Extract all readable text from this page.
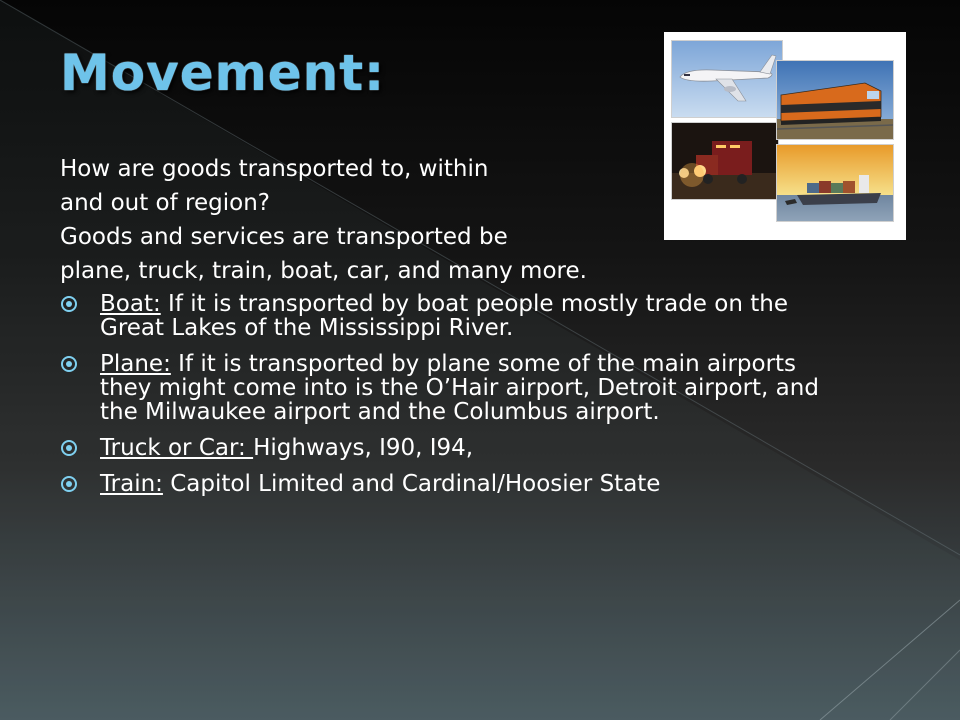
Movement:

How are goods transported to, within

and out of region?

Goods and services are transported be

plane, truck, train, boat, car, and many more.

Boat: If it is transported by boat people mostly trade on the Great Lakes of the Mississippi River.
Plane: If it is transported by plane some of the main airports they might come into is the O’Hair airport, Detroit airport, and the Milwaukee airport and the Columbus airport.
Truck or Car: Highways, I90, I94,
Train: Capitol Limited and Cardinal/Hoosier State
